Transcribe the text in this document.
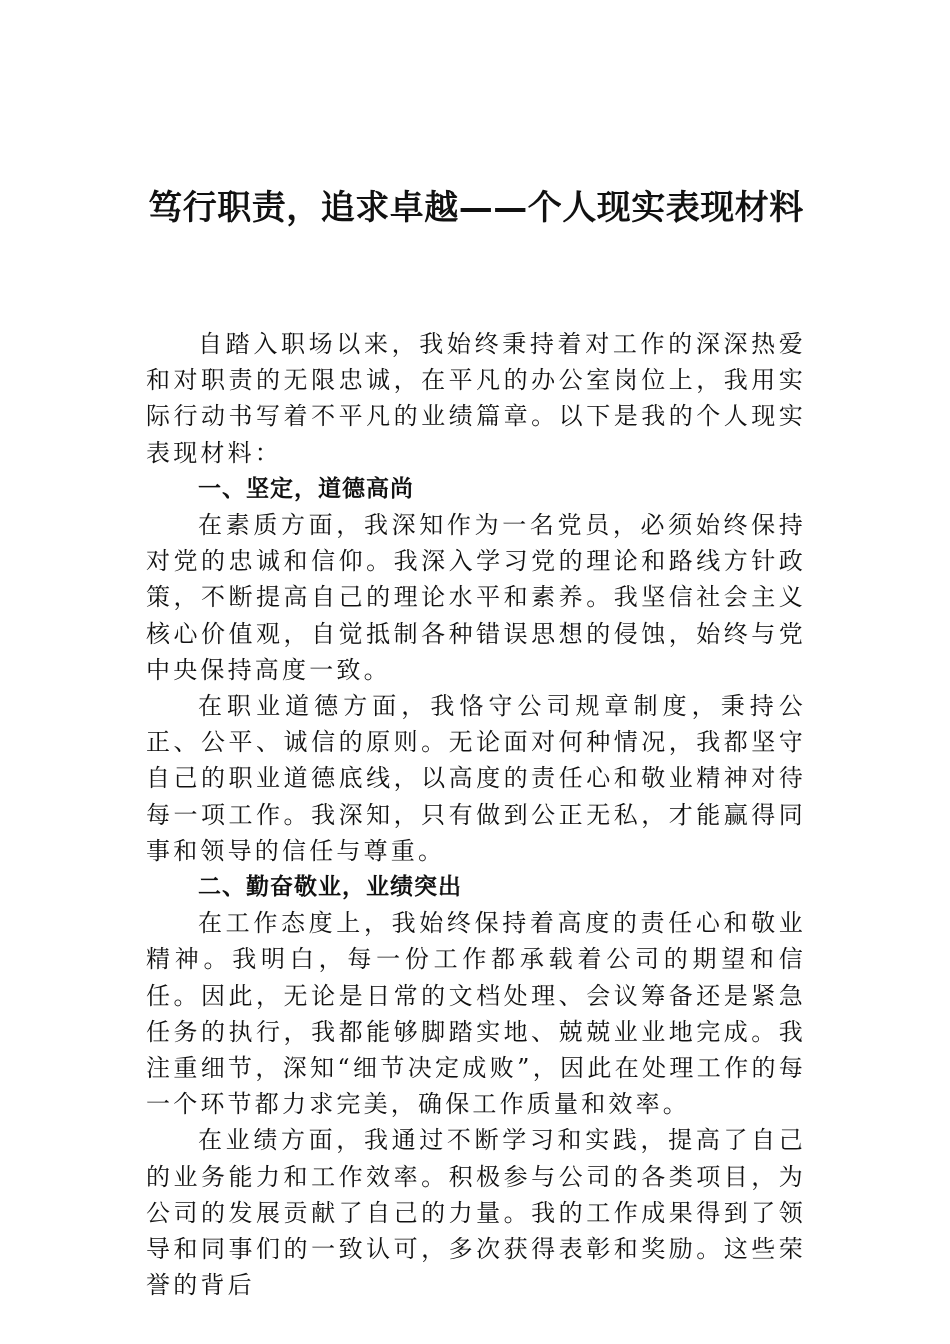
笃行职责，追求卓越——个人现实表现材料

自踏入职场以来，我始终秉持着对工作的深深热爱和对职责的无限忠诚，在平凡的办公室岗位上，我用实际行动书写着不平凡的业绩篇章。以下是我的个人现实表现材料：

一、坚定，道德高尚

在素质方面，我深知作为一名党员，必须始终保持对党的忠诚和信仰。我深入学习党的理论和路线方针政策，不断提高自己的理论水平和素养。我坚信社会主义核心价值观，自觉抵制各种错误思想的侵蚀，始终与党中央保持高度一致。

在职业道德方面，我恪守公司规章制度，秉持公正、公平、诚信的原则。无论面对何种情况，我都坚守自己的职业道德底线，以高度的责任心和敬业精神对待每一项工作。我深知，只有做到公正无私，才能赢得同事和领导的信任与尊重。

二、勤奋敬业，业绩突出

在工作态度上，我始终保持着高度的责任心和敬业精神。我明白，每一份工作都承载着公司的期望和信任。因此，无论是日常的文档处理、会议筹备还是紧急任务的执行，我都能够脚踏实地、兢兢业业地完成。我注重细节，深知“细节决定成败”，因此在处理工作的每一个环节都力求完美，确保工作质量和效率。

在业绩方面，我通过不断学习和实践，提高了自己的业务能力和工作效率。积极参与公司的各类项目，为公司的发展贡献了自己的力量。我的工作成果得到了领导和同事们的一致认可，多次获得表彰和奖励。这些荣誉的背后
